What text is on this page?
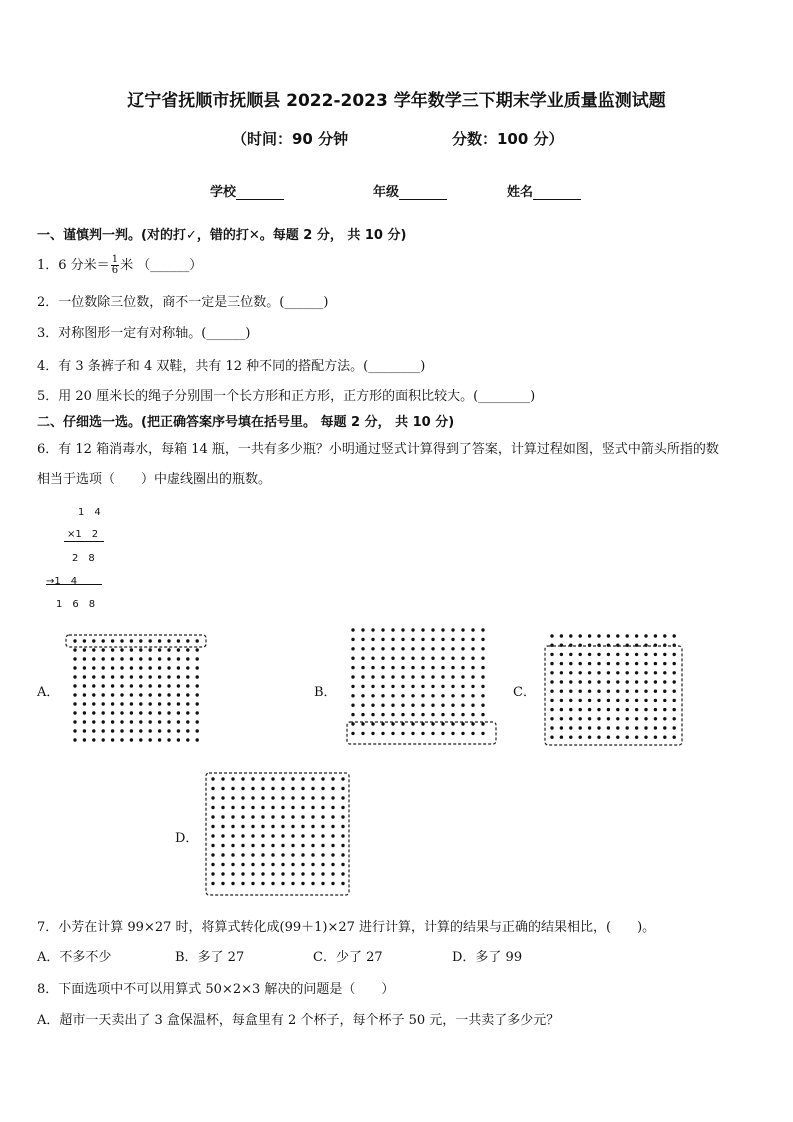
辽宁省抚顺市抚顺县 2022-2023 学年数学三下期末学业质量监测试题
（时间：90 分钟	分数：100 分）
学校	年级	姓名
一、谨慎判一判。(对的打✓，错的打✕。每题 2 分， 共 10 分)
1．6 分米＝ $\frac{1}{6}$ 米 （______）
2．一位数除三位数，商不一定是三位数。(______)
3．对称图形一定有对称轴。(______)
4．有 3 条裤子和 4 双鞋，共有 12 种不同的搭配方法。(________)
5．用 20 厘米长的绳子分别围一个长方形和正方形，正方形的面积比较大。(________)
二、仔细选一选。(把正确答案序号填在括号里。 每题 2 分， 共 10 分)
6．有 12 箱消毒水，每箱 14 瓶，一共有多少瓶？小明通过竖式计算得到了答案，计算过程如图，竖式中箭头所指的数
相当于选项（　　）中虚线圈出的瓶数。
1　4
×1　2
2　8
→1　4
1　6　8
A．	B．	C．
D．
7．小芳在计算 99×27 时，将算式转化成(99＋1)×27 进行计算，计算的结果与正确的结果相比，(　　)。
A．不多不少	B．多了 27	C．少了 27	D．多了 99
8．下面选项中不可以用算式 50×2×3 解决的问题是（　　）
A．超市一天卖出了 3 盒保温杯，每盒里有 2 个杯子，每个杯子 50 元，一共卖了多少元？
